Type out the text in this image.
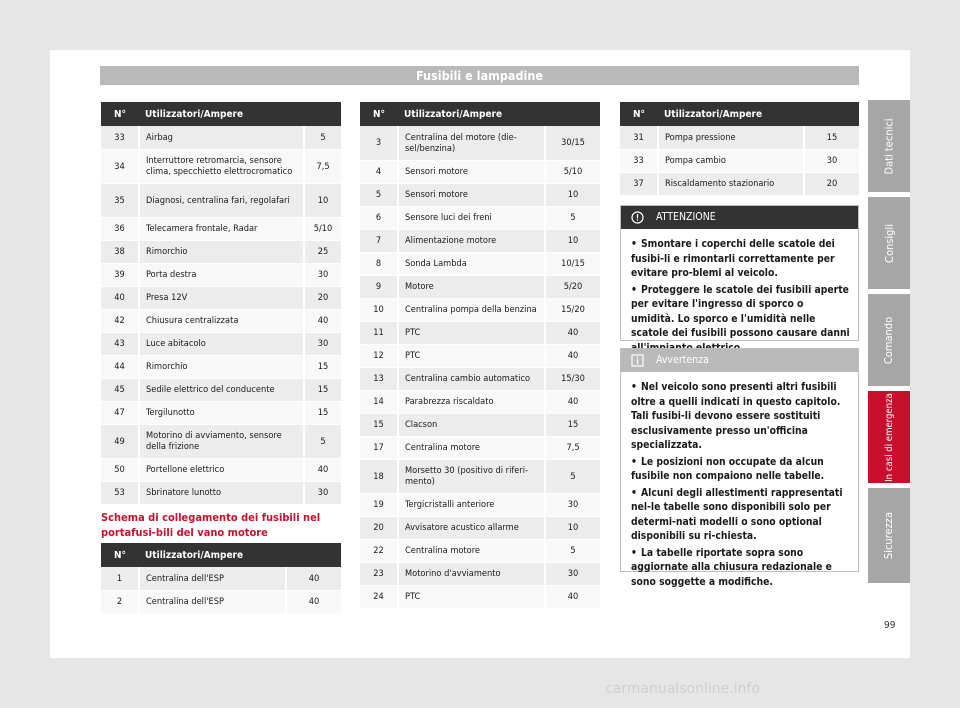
Fusibili e lampadine
N°	Utilizzatori/Ampere	
33	Airbag	5
34	Interruttore retromarcia, sensore clima, specchietto elettrocromatico	7,5
35	Diagnosi, centralina fari, regolafari	10
36	Telecamera frontale, Radar	5/10
38	Rimorchio	25
39	Porta destra	30
40	Presa 12V	20
42	Chiusura centralizzata	40
43	Luce abitacolo	30
44	Rimorchio	15
45	Sedile elettrico del conducente	15
47	Tergilunotto	15
49	Motorino di avviamento, sensore della frizione	5
50	Portellone elettrico	40
53	Sbrinatore lunotto	30
Schema di collegamento dei fusibili nel portafusi-bili del vano motore
N°	Utilizzatori/Ampere	
1	Centralina dell'ESP	40
2	Centralina dell'ESP	40
N°	Utilizzatori/Ampere	
3	Centralina del motore (die-sel/benzina)	30/15
4	Sensori motore	5/10
5	Sensori motore	10
6	Sensore luci dei freni	5
7	Alimentazione motore	10
8	Sonda Lambda	10/15
9	Motore	5/20
10	Centralina pompa della benzina	15/20
11	PTC	40
12	PTC	40
13	Centralina cambio automatico	15/30
14	Parabrezza riscaldato	40
15	Clacson	15
17	Centralina motore	7,5
18	Morsetto 30 (positivo di riferi-mento)	5
19	Tergicristalli anteriore	30
20	Avvisatore acustico allarme	10
22	Centralina motore	5
23	Motorino d'avviamento	30
24	PTC	40
N°	Utilizzatori/Ampere	
31	Pompa pressione	15
33	Pompa cambio	30
37	Riscaldamento stazionario	20
ATTENZIONE

• Smontare i coperchi delle scatole dei fusibi-li e rimontarli correttamente per evitare pro-blemi al veicolo.

• Proteggere le scatole dei fusibili aperte per evitare l'ingresso di sporco o umidità. Lo sporco e l'umidità nelle scatole dei fusibili possono causare danni

Avvertenza

• Nel veicolo sono presenti altri fusibili oltre a quelli indicati in questo capitolo. Tali fusibi-li devono essere sostituiti esclusivamente presso un'officina specializzata.

• Le posizioni non occupate da alcun fusibile non compaiono nelle tabelle.

• Alcuni degli allestimenti rappresentati nel-le tabelle sono disponibili solo per determi-nati modelli o sono optional disponibili su ri-chiesta.

• La tabelle riportate sopra sono aggiornate alla chiusura redazionale e sono soggette a modifiche.

Dati tecnici
Consigli
Comando
In casi di emergenza
Sicurezza
99
carmanualsonline.info
